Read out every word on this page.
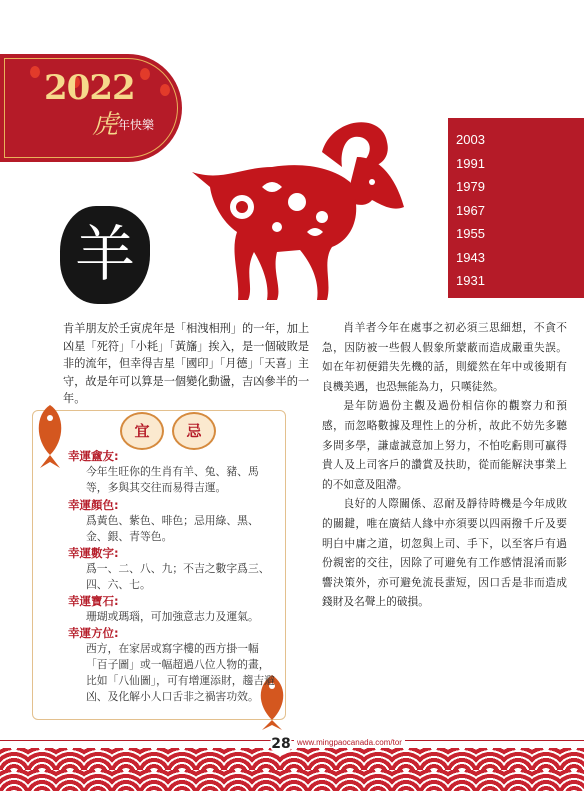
2022
虎 年快樂
2003
1991
1979
1967
1955
1943
1931
羊
肯羊朋友於壬寅虎年是「相洩相刑」的一年，加上凶星「死符」「小耗」「黃旛」挨入，是一個破敗是非的流年，但幸得吉星「國印」「月德」「天喜」主守，故是年可以算是一個變化動盪，吉凶參半的一年。
宜	忌
幸運盦友:

今年生旺你的生肖有羊、兔、豬、馬等，多與其交往而易得吉運。

幸運顏色:

爲黃色、紫色、啡色；忌用綠、黑、金、銀、青等色。

幸運數字:

爲一、二、八、九；不吉之數字爲三、四、六、七。

幸運寶石:

珊瑚或瑪瑙，可加強意志力及運氣。

幸運方位:

西方，在家居或寫字樓的西方掛一幅「百子圖」或一幅超過八位人物的畫，比如「八仙圖」，可有增運添財，趨吉避凶、及化解小人口舌非之禍害功效。

肖羊者今年在處事之初必須三思細想，不貪不急，因防被一些假人假象所蒙蔽而造成嚴重失誤。如在年初便錯失先機的話，則縱然在年中或後期有良機美遇，也恐無能為力，只嘆徒然。

是年防過份主觀及過份相信你的觀察力和預感，而忽略數據及理性上的分析，故此不妨先多聽多問多學，謙虛誠意加上努力，不怕吃虧則可贏得貴人及上司客戶的讚賞及扶助，從而能解決事業上的不如意及阻滯。

良好的人際關係、忍耐及靜待時機是今年成敗的關鍵，唯在廣結人緣中亦須要以四兩撥千斤及要明白中庸之道，切忽與上司、手下，以至客戶有過份親密的交往，因除了可避免有工作感情混淆而影響決策外，亦可避免流長蜚短，因口舌是非而造成錢財及名聲上的破損。

28 www.mingpaocanada.com/tor
